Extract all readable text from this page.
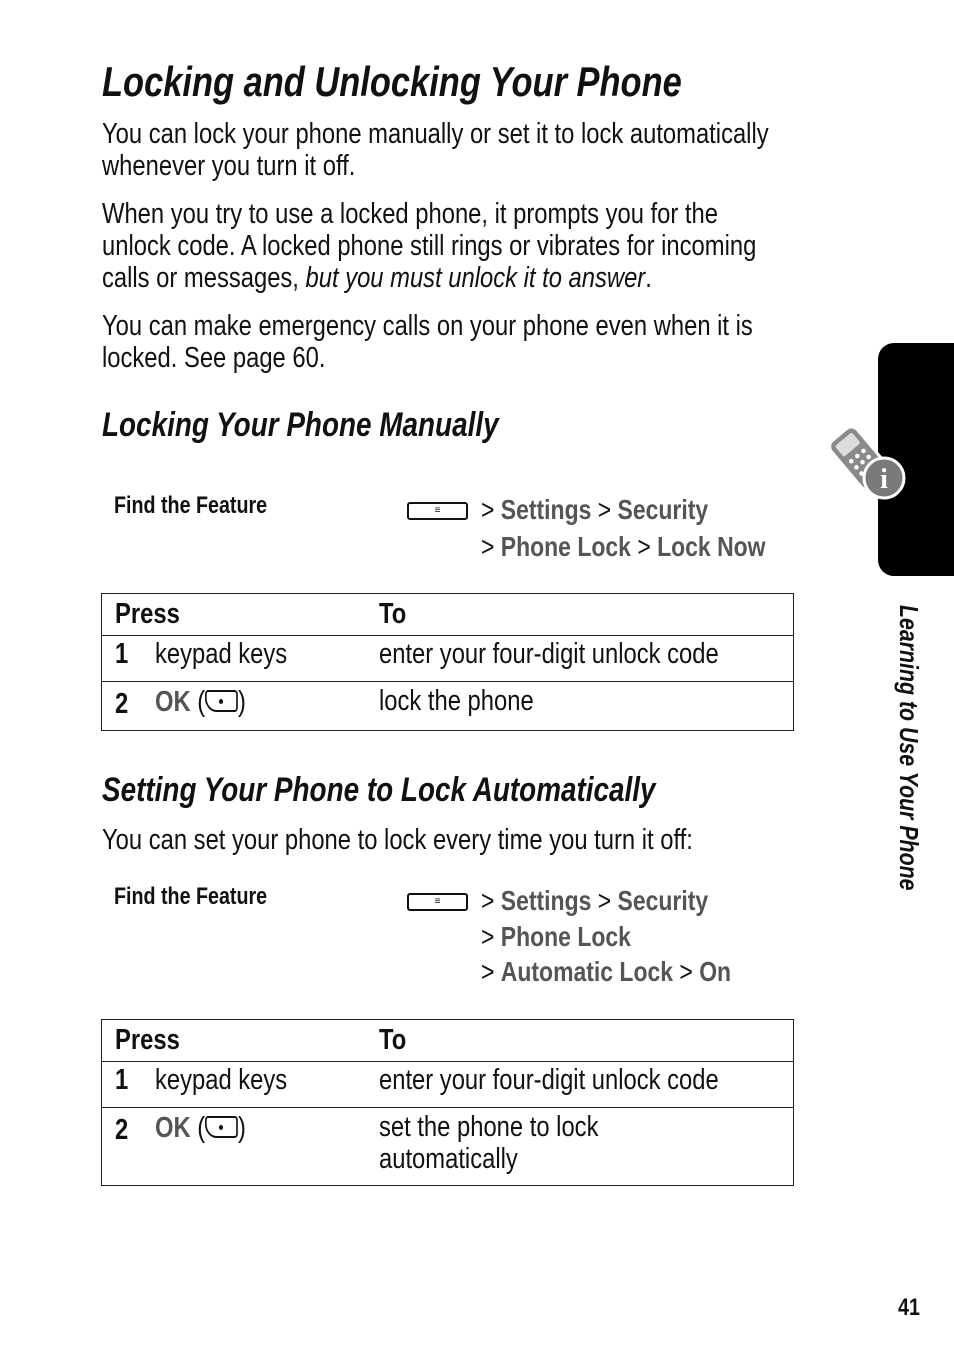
Locking and Unlocking Your Phone
You can lock your phone manually or set it to lock automatically
whenever you turn it off.
When you try to use a locked phone, it prompts you for the
unlock code. A locked phone still rings or vibrates for incoming
calls or messages, but you must unlock it to answer.
You can make emergency calls on your phone even when it is
locked. See page 60.
Locking Your Phone Manually
Find the Feature	≡ > Settings > Security
> Phone Lock > Lock Now
Press		To
1	keypad keys	enter your four-digit unlock code
2	OK ( )	lock the phone
Setting Your Phone to Lock Automatically
You can set your phone to lock every time you turn it off:
Find the Feature	≡ > Settings > Security
> Phone Lock
> Automatic Lock > On
Press		To
1	keypad keys	enter your four-digit unlock code
2	OK ( )	set the phone to lock
automatically
i
Learning to Use Your Phone
41
